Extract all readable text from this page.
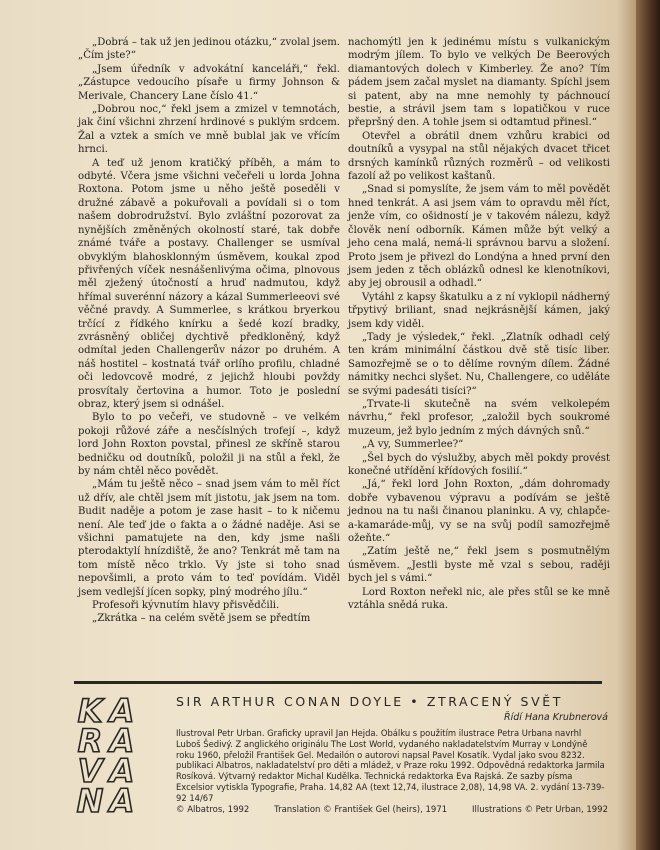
„Dobrá – tak už jen jedinou otázku,“ zvolal jsem. „Čím jste?“

„Jsem úředník v advokátní kanceláři,“ řekl. „Zástupce vedoucího písaře u firmy Johnson & Merivale, Chancery Lane číslo 41.“

„Dobrou noc,“ řekl jsem a zmizel v temnotách, jak činí všichni zhrzení hrdinové s puklým srdcem. Žal a vztek a smích ve mně bublal jak ve vřícím hrnci.

A teď už jenom kratičký příběh, a mám to odbyté. Včera jsme všichni večeřeli u lorda Johna Roxtona. Potom jsme u něho ještě poseděli v družné zábavě a pokuřovali a povídali si o tom našem dobrodružství. Bylo zvláštní pozorovat za nynějších změněných okolností staré, tak dobře známé tváře a postavy. Challenger se usmíval obvyklým blahosklonným úsměvem, koukal zpod přivřených víček nesnášenlivýma očima, plnovous měl zježený útočností a hruď nadmutou, když hřímal suverénní názory a kázal Summerleeovi své věčné pravdy. A Summerlee, s krátkou bryerkou trčící z řídkého knírku a šedé kozí bradky, zvrásněný obličej dychtivě předkloněný, když odmítal jeden Challengerův názor po druhém. A náš hostitel – kostnatá tvář orlího profilu, chladné oči ledovcově modré, z jejichž hloubi povždy prosvítaly čertovina a humor. Toto je poslední obraz, který jsem si odnášel.

Bylo to po večeři, ve studovně – ve velkém pokoji růžové záře a nesčíslných trofejí –, když lord John Roxton povstal, přinesl ze skříně starou bedničku od doutníků, položil ji na stůl a řekl, že by nám chtěl něco povědět.

„Mám tu ještě něco – snad jsem vám to měl říct už dřív, ale chtěl jsem mít jistotu, jak jsem na tom. Budit naděje a potom je zase hasit – to k ničemu není. Ale teď jde o fakta a o žádné naděje. Asi se všichni pamatujete na den, kdy jsme našli pterodaktylí hnízdiště, že ano? Tenkrát mě tam na tom místě něco trklo. Vy jste si toho snad nepovšimli, a proto vám to teď povídám. Viděl jsem vedlejší jícen sopky, plný modrého jílu.“

Profesoři kývnutím hlavy přisvědčili.

„Zkrátka – na celém světě jsem se předtím

nachomýtl jen k jedinému místu s vulkanickým modrým jílem. To bylo ve velkých De Beerových diamantových dolech v Kimberley. Že ano? Tím pádem jsem začal myslet na diamanty. Spíchl jsem si patent, aby na mne nemohly ty páchnoucí bestie, a strávil jsem tam s lopatičkou v ruce přepršný den. A tohle jsem si odtamtud přinesl.“

Otevřel a obrátil dnem vzhůru krabici od doutníků a vysypal na stůl nějakých dvacet třicet drsných kamínků různých rozměrů – od velikosti fazolí až po velikost kaštanů.

„Snad si pomyslíte, že jsem vám to měl povědět hned tenkrát. A asi jsem vám to opravdu měl říct, jenže vím, co ošidností je v takovém nálezu, když člověk není odborník. Kámen může být velký a jeho cena malá, nemá-li správnou barvu a složení. Proto jsem je přivezl do Londýna a hned první den jsem jeden z těch oblázků odnesl ke klenotníkovi, aby jej obrousil a odhadl.“

Vytáhl z kapsy škatulku a z ní vyklopil nádherný třpytivý briliant, snad nejkrásnější kámen, jaký jsem kdy viděl.

„Tady je výsledek,“ řekl. „Zlatník odhadl celý ten krám minimální částkou dvě stě tisíc liber. Samozřejmě se o to dělíme rovným dílem. Žádné námitky nechci slyšet. Nu, Challengere, co uděláte se svými padesáti tisíci?“

„Trvate-li skutečně na svém velkolepém návrhu,“ řekl profesor, „založil bych soukromé muzeum, jež bylo jedním z mých dávných snů.“

„A vy, Summerlee?“

„Šel bych do výslužby, abych měl pokdy provést konečné utřídění křídových fosilií.“

„Já,“ řekl lord John Roxton, „dám dohromady dobře vybavenou výpravu a podívám se ještě jednou na tu naši činanou planinku. A vy, chlapče-a-kamaráde-můj, vy se na svůj podíl samozřejmě ožeňte.“

„Zatím ještě ne,“ řekl jsem s posmutnělým úsměvem. „Jestli byste mě vzal s sebou, raději bych jel s vámi.“

Lord Roxton neřekl nic, ale přes stůl se ke mně vztáhla snědá ruka.

K A
R A
V A
N A
SIR ARTHUR CONAN DOYLE • ZTRACENÝ SVĚT
Řídí Hana Krubnerová

Ilustroval Petr Urban. Graficky upravil Jan Hejda. Obálku s použitím ilustrace Petra Urbana navrhl Luboš Šedivý. Z anglického originálu The Lost World, vydaného nakladatelstvím Murray v Londýně roku 1960, přeložil František Gel. Medailón o autorovi napsal Pavel Kosatík. Vydal jako svou 8232. publikaci Albatros, nakladatelství pro děti a mládež, v Praze roku 1992. Odpovědná redaktorka Jarmila Rosíková. Výtvarný redaktor Michal Kudělka. Technická redaktorka Eva Rajská. Ze sazby písma Excelsior vytiskla Typografie, Praha. 14,82 AA (text 12,74, ilustrace 2,08), 14,98 VA. 2. vydání 13-739-92 14/67

© Albatros, 1992	Translation © František Gel (heirs), 1971	Illustrations © Petr Urban, 1992
